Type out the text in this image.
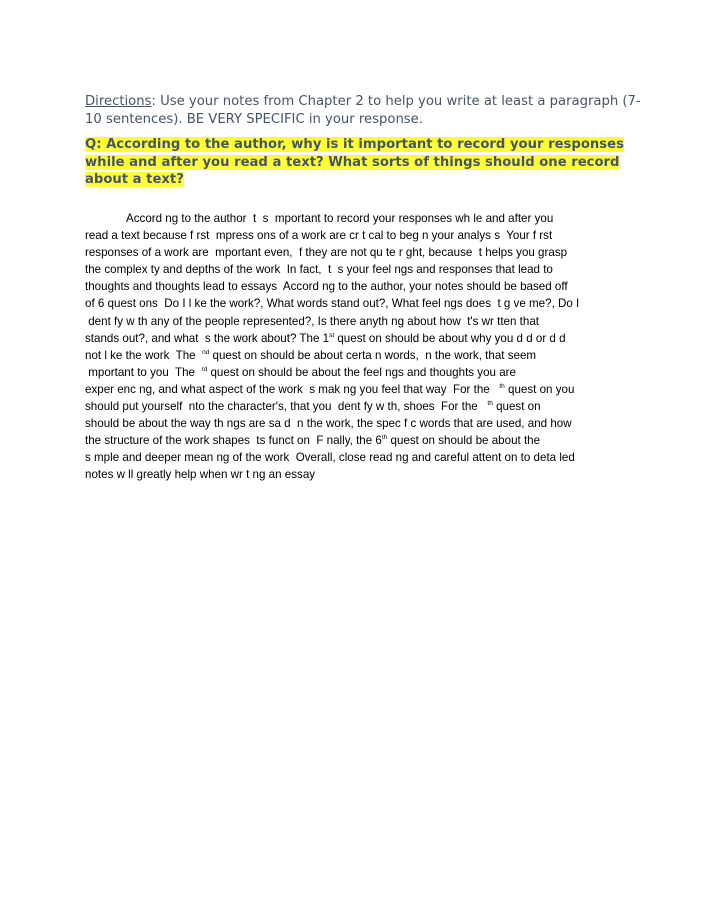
Directions: Use your notes from Chapter 2 to help you write at least a paragraph (7-10 sentences). BE VERY SPECIFIC in your response.

Q: According to the author, why is it important to record your responses while and after you read a text? What sorts of things should one record about a text?

Accord ng to the author  t  s  mportant to record your responses wh le and after you
read a text because f rst  mpress ons of a work are cr t cal to beg n your analys s  Your f rst
responses of a work are  mportant even,  f they are not qu te r ght, because  t helps you grasp
the complex ty and depths of the work  In fact,  t  s your feel ngs and responses that lead to
thoughts and thoughts lead to essays  Accord ng to the author, your notes should be based off
of 6 quest ons  Do I l ke the work?, What words stand out?, What feel ngs does  t g ve me?, Do I
dent fy w th any of the people represented?, Is there anyth ng about how  t's wr tten that
stands out?, and what  s the work about? The 1st quest on should be about why you d d or d d
not l ke the work  The  $^{nd}$ quest on should be about certa n words,  n the work, that seem
mportant to you  The  $^{rd}$ quest on should be about the feel ngs and thoughts you are
exper enc ng, and what aspect of the work  s mak ng you feel that way  For the   $^{th}$ quest on you
should put yourself  nto the character's, that you  dent fy w th, shoes  For the   $^{th}$ quest on
should be about the way th ngs are sa d  n the work, the spec f c words that are used, and how
the structure of the work shapes  ts funct on  F nally, the 6th quest on should be about the
s mple and deeper mean ng of the work  Overall, close read ng and careful attent on to deta led
notes w ll greatly help when wr t ng an essay
